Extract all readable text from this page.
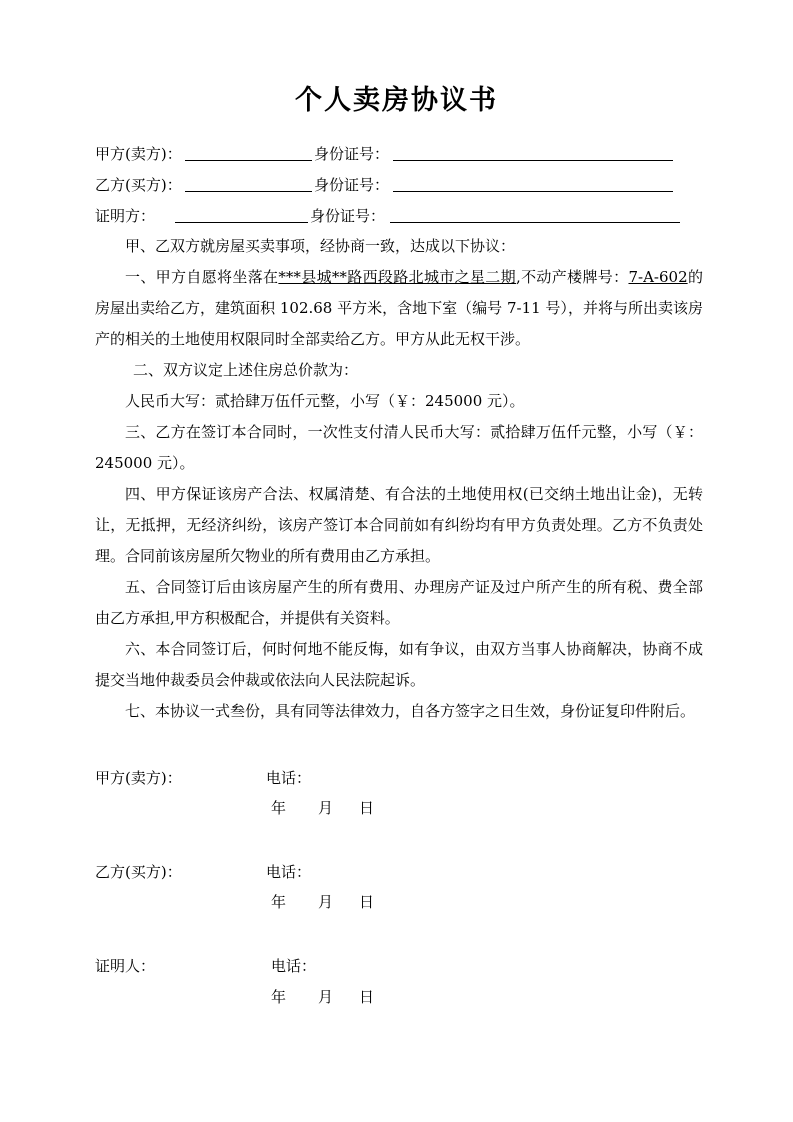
个人卖房协议书
甲方(卖方)：	身份证号：
乙方(买方)：	身份证号：
证明方：	身份证号：

甲、乙双方就房屋买卖事项，经协商一致，达成以下协议：

一、甲方自愿将坐落在***县城**路西段路北城市之星二期,不动产楼牌号：7-A-602的房屋出卖给乙方，建筑面积 102.68 平方米，含地下室（编号 7-11 号），并将与所出卖该房产的相关的土地使用权限同时全部卖给乙方。甲方从此无权干涉。

二、双方议定上述住房总价款为：

人民币大写：贰拾肆万伍仟元整，小写（￥：245000 元）。

三、乙方在签订本合同时，一次性支付清人民币大写：贰拾肆万伍仟元整，小写（￥：245000 元）。

四、甲方保证该房产合法、权属清楚、有合法的土地使用权(已交纳土地出让金)，无转让，无抵押，无经济纠纷，该房产签订本合同前如有纠纷均有甲方负责处理。乙方不负责处理。合同前该房屋所欠物业的所有费用由乙方承担。

五、合同签订后由该房屋产生的所有费用、办理房产证及过户所产生的所有税、费全部由乙方承担,甲方积极配合，并提供有关资料。

六、本合同签订后，何时何地不能反悔，如有争议，由双方当事人协商解决，协商不成提交当地仲裁委员会仲裁或依法向人民法院起诉。

七、本协议一式叁份，具有同等法律效力，自各方签字之日生效，身份证复印件附后。

甲方(卖方)：	电话：
年 月 日
乙方(买方)：	电话：
年 月 日
证明人：	电话：
年 月 日
